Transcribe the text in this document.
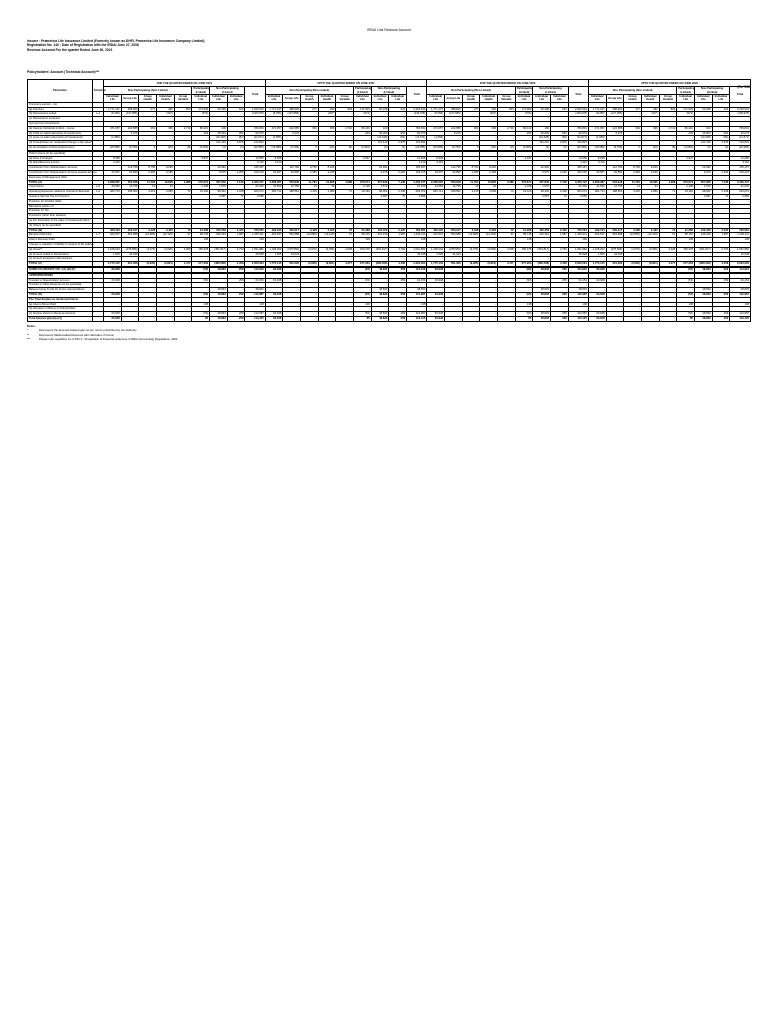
IRDAI Link Revenue Account
Insurer : Pramerica Life Insurance Limited (Formerly known as DHFL Pramerica Life Insurance Company Limited)
Registration No. 140 ; Date of Registration with the IRDAI June 27, 2008
Revenue Account For the quarter Ended June 30, 2021
Policyholders' Account (Technical Account)***
(Rs '000)
Particulars	Schedule	FOR THE QUARTER ENDED ON JUNE 2021									UPTO THE QUARTER ENDED ON JUNE 2021									FOR THE QUARTER ENDED ON JUNE 2020									UPTO THE QUARTER ENDED ON JUNE 2020								
		Non-Participating (Non-Linked)					Participating (Linked)	Non-Participating (Linked)		Total	Non-Participating (Non-Linked)					Participating (Linked)	Non-Participating (Linked)		Total	Non-Participating (Non-Linked)					Participating (Linked)	Non-Participating (Linked)		Total	Non-Participating (Non-Linked)					Participating (Linked)	Non-Participating (Linked)		Total
		Individual Life	Group Life	Group Health	Individual Health	Group Variable	Individual Life	Individual Life	Individual Life		Individual Life	Group Life	Group Health	Individual Health	Group Variable	Individual Life	Individual Life	Individual Life		Individual Life	Group Life	Group Health	Individual Health	Group Variable	Individual Life	Individual Life	Individual Life		Individual Life	Group Life	Group Health	Individual Health	Group Variable	Individual Life	Individual Life	Individual Life	
Premiums earned – net																																					
(a) Premium		1,771,137	288,900	277	492	803	171,903	60,408	523	2,293,544	1,771,137	288,900	277	492	803	171,903	60,408	523	2,293,544	1,771,137	288,900	277	492	803	171,903	60,408	523	2,293,544	1,771,137	288,900	277	492	803	171,903	60,408	523	2,293,544
(b) Reinsurance ceded	L-4	(8,256)	(127,955)	-	(307)	-	(574)	-	-	(136,978)	(8,256)	(127,955)	-	(307)	-	(574)	-	-	(136,978)	(8,256)	(127,955)	-	(307)	-	(574)	-	-	(136,978)	(8,256)	(127,955)	-	(307)	-	(574)	-	-	(136,978)
(c) Reinsurance accepted		-	-	-	-	-	-	-	-	-	-	-	-	-	-	-	-	-	-	-	-	-	-	-	-	-	-	-	-	-	-	-	-	-	-	-	-
Income from Investments																																					
(a) Interest, Dividends & Rent – Gross		471,057	222,585	364	396	2,710	86,410	100	-	784,831	471,057	222,585	364	396	2,710	86,410	100	-	784,831	471,057	222,585	364	396	2,710	86,410	100	-	784,831	471,057	222,585	364	396	2,710	86,410	100	-	784,831
(b) Profit on sale/redemption of investments		-	5,276	-	-	-	203	45,003	951	52,073	-	5,276	-	-	-	203	45,003	951	52,073	-	5,276	-	-	-	203	45,003	951	52,073	-	5,276	-	-	-	203	45,003	951	52,073
(c) (Loss on sale/ redemption of investments)		(1,656)	-	-	-	-	-	(10,428)	(84)	(11,671)	(1,656)	-	-	-	-	-	(10,428)	(84)	(11,671)	(1,656)	-	-	-	-	-	(10,428)	(84)	(11,671)	(1,656)	-	-	-	-	-	(10,428)	(84)	(11,671)
(d) Transfer/Gain on revaluation/change in fair value*		-	-	-	-	-	-	121,410	2,876	124,831	-	-	-	-	-	-	121,410	2,876	124,831	-	-	-	-	-	-	121,410	2,876	124,831	-	-	-	-	-	-	121,410	2,876	124,831
(e) Amortisation of discount/(premium)		(15,089)	(5,769)	0	(20)	(8)	(2,063)	(3)	(3)	(22,955)	(15,089)	(5,769)	0	(20)	(8)	(2,063)	(3)	(3)	(22,955)	(15,089)	(5,769)	0	(20)	(8)	(2,063)	(3)	(3)	(22,955)	(15,089)	(5,769)	0	(20)	(8)	(2,063)	(3)	(3)	(22,955)

Other Income (to be specified)																																					
(a) Fees & Charges		8,339	-	-	-	-	3,937	-	-	12,656	8,339	-	-	-	-	3,937	-	-	12,656	8,339	-	-	-	-	3,937	-	-	12,656	8,339	-	-	-	-	3,937	-	-	12,656
(b) Miscellaneous Income		3,110	-	-	-	-	-	-	-	3,110	3,110	-	-	-	-	-	-	-	3,110	3,110	-	-	-	-	-	-	-	3,110	3,110	-	-	-	-	-	-	-	3,110
Contribution from Shareholders' Account		-	112,796	8,750	8,226	-	-	22,692	-	155,457	-	112,796	8,750	8,226	-	-	22,692	-	155,457	-	112,796	8,750	8,226	-	-	22,692	-	155,457	-	112,796	8,750	8,226	-	-	22,692	-	155,457
Contribution from Shareholders' Account towards Excess		23,507	62,890	2,383	2,199	-	-	9,975	2,262	103,215	23,507	62,890	2,383	2,199	-	-	9,975	2,262	103,215	23,507	62,890	2,383	2,199	-	-	9,975	2,262	103,215	23,507	62,890	2,383	2,199	-	-	9,975	2,262	103,215
Expenses of Management (Net)																																					
TOTAL (A)		2,268,287	553,948	11,784	10,826	4,088	270,674	357,846	7,136	3,406,737	2,268,287	553,948	11,784	10,826	4,088	270,674	357,846	7,136	3,406,737	2,268,287	553,948	11,784	10,826	4,088	270,674	357,846	7,136	3,406,737	2,268,287	553,948	11,784	10,826	4,088	270,674	357,846	7,136	3,406,737
Commission	L-5	44,560	12,755	13	34	-	2,108	1,570	-	61,040	44,560	12,755	13	34	-	2,108	1,570	-	61,040	44,560	12,755	13	34	-	2,108	1,570	-	61,040	44,560	12,755	13	34	-	2,108	1,570	-	61,040
Operating Expenses related to Insurance Business	L-6	284,714	188,562	3,415	2,089	72	19,160	98,302	2,348	603,072	284,714	188,562	3,415	2,089	72	19,160	98,302	2,348	603,072	284,714	188,562	3,415	2,089	72	19,160	98,302	2,348	603,072	284,714	188,562	3,415	2,089	72	19,160	98,302	2,348	603,072
Goods & Service Tax on Premium		-	-	-	-	-	-	2,587	72	2,659	-	-	-	-	-	-	2,587	72	2,659	-	-	-	-	-	-	2,587	72	2,659	-	-	-	-	-	-	2,587	72	2,659
Provision for doubtful debts		-	-	-	-	-	-	-	-	-	-	-	-	-	-	-	-	-	-	-	-	-	-	-	-	-	-	-	-	-	-	-	-	-	-	-	-
Bad debts written off		-	-	-	-	-	-	-	-	-	-	-	-	-	-	-	-	-	-	-	-	-	-	-	-	-	-	-	-	-	-	-	-	-	-	-	-
Provision for Tax		-	-	-	-	-	-	-	-	-	-	-	-	-	-	-	-	-	-	-	-	-	-	-	-	-	-	-	-	-	-	-	-	-	-	-	-
Provisions (other than taxation)																																					
(a) For diminution in the value of investments (Net)		-	-	-	-	-	-	-	-	-	-	-	-	-	-	-	-	-	-	-	-	-	-	-	-	-	-	-	-	-	-	-	-	-	-	-	-
(b) Others (to be specified)		-	-	-	-	-	-	-	-	-	-	-	-	-	-	-	-	-	-	-	-	-	-	-	-	-	-	-	-	-	-	-	-	-	-	-	-
TOTAL (B)		429,194	200,317	3,428	2,423	72	21,268	102,459	2,420	760,581	429,194	200,317	3,428	2,423	72	21,268	102,459	2,420	760,581	429,194	200,317	3,428	2,423	72	21,268	102,459	2,420	760,581	429,194	200,317	3,428	2,423	72	21,268	102,459	2,420	760,581
Benefits Paid (Net)	L-7	204,537	554,688	(12,865)	(12,125)	67	98,746	616,316	1,987	1,445,311	204,537	554,688	(12,865)	(12,125)	67	98,746	616,316	1,987	1,445,311	204,537	554,688	(12,865)	(12,125)	67	98,746	616,316	1,987	1,445,311	204,537	554,688	(12,865)	(12,125)	67	98,746	616,316	1,987	1,445,311
Interim Bonuses Paid		-	-	-	-	-	138	-	-	138	-	-	-	-	-	138	-	-	138	-	-	-	-	-	138	-	-	138	-	-	-	-	-	138	-	-	138
Change in valuation of liability in respect of life policies																																					
(a) Gross**		1,108,204	(275,556)	(4,070)	(3,096)	4,008	150,378	(451,817)	2,793	1,091,882	1,108,204	(275,556)	(4,070)	(3,096)	4,008	150,378	(451,817)	2,793	1,091,882	1,108,204	(275,556)	(4,070)	(3,096)	4,008	150,378	(451,817)	2,793	1,091,882	1,108,204	(275,556)	(4,070)	(3,096)	4,008	150,378	(451,817)	2,793	1,091,882
(b) Amount ceded in Reinsurance		1,505	44,043	-	-	-	-	-	-	45,548	1,505	44,043	-	-	-	-	-	-	45,548	1,505	44,043	-	-	-	-	-	-	45,548	1,505	44,043	-	-	-	-	-	-	45,548
(c) Amount accepted in Reinsurance		-	-	-	-	-	-	-	-	-	-	-	-	-	-	-	-	-	-	-	-	-	-	-	-	-	-	-	-	-	-	-	-	-	-	-	-
TOTAL (C)		1,775,145	351,026	(6,935)	(6,821)	4,477	277,263	(380,508)	4,458	2,020,094	1,775,145	351,026	(6,935)	(6,821)	4,477	277,263	(380,508)	4,458	2,020,094	1,775,145	351,026	(6,935)	(6,821)	4,477	277,263	(380,508)	4,458	2,020,094	1,775,145	351,026	(6,935)	(6,821)	4,477	277,263	(380,508)	4,458	2,020,094

SURPLUS/ (DEFICIT) (D) =(A)-(B)-(C)		63,948	-	-	-	-	(53)	48,833	259	114,919	63,948	-	-	-	-	(53)	48,833	259	114,919	63,948	-	-	-	-	(53)	48,833	259	114,919	63,948	-	-	-	-	(53)	48,833	259	114,919

APPROPRIATIONS																																					
Transfer to Shareholders' Account		63,948	-	-	-	-	(53)	-	259	64,154	63,948	-	-	-	-	(53)	-	259	64,154	63,948	-	-	-	-	(53)	-	259	64,154	63,948	-	-	-	-	(53)	-	259	64,154
Transfer to Other Reserves (to be specified)		-	-	-	-	-	-	-	-	-	-	-	-	-	-	-	-	-	-	-	-	-	-	-	-	-	-	-	-	-	-	-	-	-	-	-	-
Balance being Funds for Future Appropriations		-	-	-	-	-	-	48,833	-	48,833	-	-	-	-	-	-	48,833	-	48,833	-	-	-	-	-	-	48,833	-	48,833	-	-	-	-	-	-	48,833	-	48,833
TOTAL (D)		63,948	-	-	-	-	(53)	48,833	259	112,987	63,948	-	-	-	-	(53)	48,833	259	112,987	63,948	-	-	-	-	(53)	48,833	259	112,987	63,948	-	-	-	-	(53)	48,833	259	112,987
The Total Surplus as mentioned below :																																					
(a) Interim Bonus Paid		-	-	-	-	-	138	-	-	138	-	-	-	-	-	138	-	-	138	-	-	-	-	-	138	-	-	138	-	-	-	-	-	138	-	-	138
(b) Allocation of Bonus to Policyholders		-	-	-	-	-	-	-	-	-	-	-	-	-	-	-	-	-	-	-	-	-	-	-	-	-	-	-	-	-	-	-	-	-	-	-	-
(c) Surplus shown in Revenue Account		63,948	-	-	-	-	(53)	48,833	259	112,987	63,948	-	-	-	-	(53)	48,833	259	112,987	63,948	-	-	-	-	(53)	48,833	259	112,987	63,948	-	-	-	-	(53)	48,833	259	112,987
Total Surplus [(a)+(b)+(c)]		63,948	-	-	-	-	85	48,833	259	113,125	63,948	-	-	-	-	85	48,833	259	113,125	63,948	-	-	-	-	85	48,833	259	113,125	63,948	-	-	-	-	85	48,833	259	113,125
Notes:
*	Represents the deemed realised gain as per norms prescribed by the Authority
**	Represents Mathematical Reserves after allocation of bonus
***	Please refer regulation 11 of Part II - Preparation of Financial statement of IRDA (Accounting) Regulations, 2002
